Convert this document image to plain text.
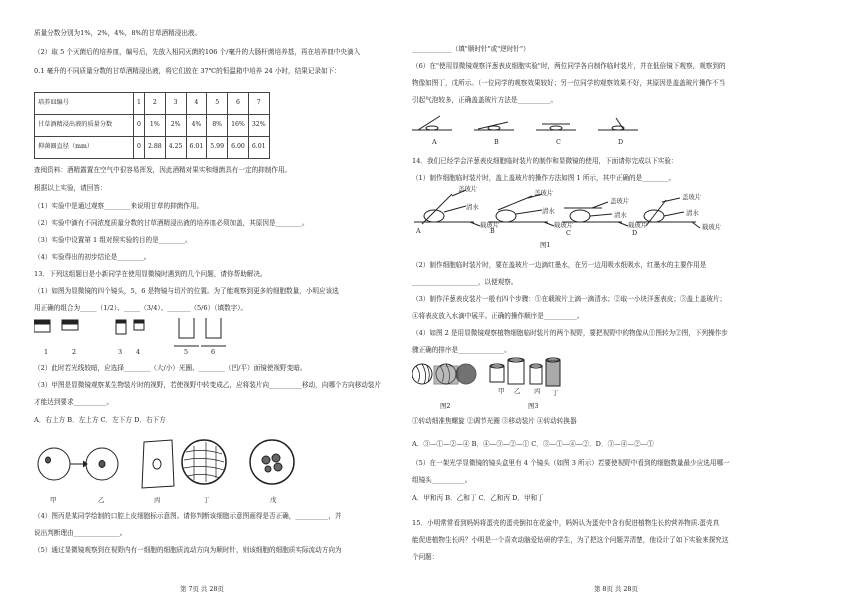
质量分数分别为1%，2%，4%，8%的甘草酒精浸出液。
（2）取 5 个灭菌后的培养皿，编号后，先放入相同灭菌的106 个/毫升的大肠杆菌培养基，再在培养皿中央滴入
0.1 毫升的不同质量分数的甘草酒精浸出液，将它们放在 37℃的恒温箱中培养 24 小时，结果记录如下：
培养皿编号	1	2	3	4	5	6	7
甘草酒精浸出液的质量分数	0	1%	2%	4%	8%	16%	32%
抑菌圈直径（mm）	0	2.88	4.25	6.01	5.99	6.00	6.01
查阅资料：酒精露置在空气中很容易挥发，因此酒精对果实和细菌具有一定的抑制作用。
根据以上实验，请回答：
（1）实验中是通过观察________来说明甘草的抑菌作用。
（2）实验中滴有不同浓度质量分数的甘草酒精浸出液的培养皿必须加盖，其原因是________。
（3）实验中设置第 1 组对照实验的目的是________。
（4）实验得出的初步结论是________。
13．下列这组题目是小新同学在使用显微镜时遇到的几个问题，请你帮助解决。
（1）如图为显微镜的四个镜头，5，6 是物镜与切片的位置。为了能观察到更多的细胞数量，小明应该选
用正确的组合为_____（1/2）、_____（3/4）、_______（5/6）（填数字）。
1	2	3 4	5	6
（2）此时若光线较暗，应选择________（大/小）光圈、________（凹/平）面镜使视野变暗。
（3）甲图是显微镜观察某生物装片时的视野，若使视野中转变成乙，应将装片向__________移动，向哪个方向移动装片
才能达到要求__________。
A．右上方 B．左上方 C．左下方 D．右下方
甲	乙	丙	丁	戊
（4）图丙是某同学绘制的口腔上皮细胞标示意图。请你判断该细胞示意图画得是否正确，__________，并
说出判断理由______________。
（5）通过显微镜观察到在视野内有一细胞的细胞质流动方向为顺时针，则该细胞的细胞质实际流动方向为
第 7页 共 28页
____________（填"顺时针"或"逆时针"）
（6）在"使用显微镜观察洋葱表皮细胞实验"时，两位同学各自制作临时装片，并在低倍镜下观察，观察到的
物像如图丁，戊所示。（一位同学的观察效果较好；另一位同学的观察效果不好，其原因是盖盖玻片操作不当
引起气泡较多，正确盖盖玻片方法是__________。
A	B	C	D
14．我们已经学会洋葱表皮细胞临时装片的制作和显微镜的使用，下面请你完成以下实验：
（1）制作细胞临时装片时，盖上盖玻片的操作方法如图 1 所示，其中正确的是________。
盖玻片
清水
载玻片
盖玻片
清水
载玻片
盖玻片
清水
载玻片
盖玻片
清水
载玻片
A	B	C	D
图1
（2）制作细胞临时装片时，要在盖玻片一边滴红墨水，在另一边用吸水纸吸水，红墨水的主要作用是
____________________，以便观察。
（3）制作洋葱表皮装片一般有四个步骤：①在载玻片上滴一滴清水；②取一小块洋葱表皮；③盖上盖玻片；
④将表皮放入水滴中展平。正确的操作顺序是__________。
（4）如图 2 是用显微镜观察植物细胞临时装片的两个视野，要把视野中的物像从①图转为②图，下列操作步
骤正确的排序是______________。
图2
甲 乙 丙 丁
图3
①转动细准焦螺旋 ②调节光圈 ③移动装片 ④转动转换器
A．③—①—②—④ B．④—③—②—① C．③—①—④—②．D．③—④—②—①
（5）在一架光学显微镜的镜头盒里有 4 个镜头（如图 3 所示）若要使视野中看到的细胞数量最少应选用哪一
组镜头__________。
A．甲和丙 B．乙和丁 C．乙和丙 D．甲和丁
15．小明常常看到妈妈将蛋壳的蛋壳倒扣在花盆中，妈妈认为蛋壳中含有促进植物生长的营养物质.蛋壳真
能促进植物生长吗？小明是一个喜欢动脑爱钻研的学生，为了把这个问题弄清楚，他设计了如下实验来探究这
个问题：
第 8页 共 28页
